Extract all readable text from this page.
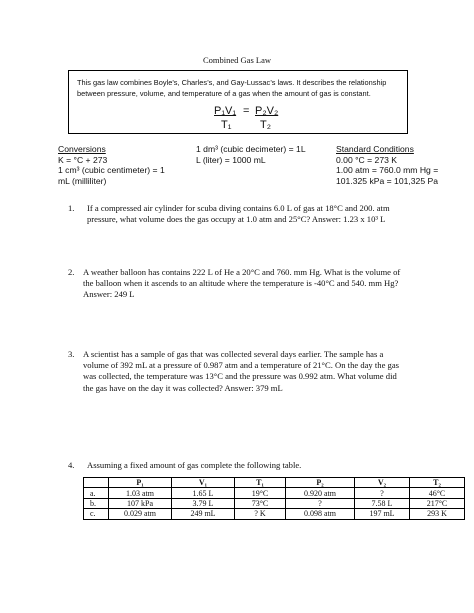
Combined Gas Law
This gas law combines Boyle’s, Charles’s, and Gay-Lussac’s laws. It describes the relationship between pressure, volume, and temperature of a gas when the amount of gas is constant.
P₁V₁ = P₂V₂
T₁	T₂
Conversions
K = °C + 273
1 cm³ (cubic centimeter) = 1
mL (milliliter)
1 dm³ (cubic decimeter) = 1L
L (liter) = 1000 mL
Standard Conditions
0.00 °C = 273 K
1.00 atm = 760.0 mm Hg =
101.325 kPa = 101,325 Pa
1. If a compressed air cylinder for scuba diving contains 6.0 L of gas at 18°C and 200. atm
pressure, what volume does the gas occupy at 1.0 atm and 25°C? Answer: 1.23 x 10³ L
2. A weather balloon has contains 222 L of He a 20°C and 760. mm Hg. What is the volume of
the balloon when it ascends to an altitude where the temperature is -40°C and 540. mm Hg?
Answer: 249 L
3. A scientist has a sample of gas that was collected several days earlier. The sample has a
volume of 392 mL at a pressure of 0.987 atm and a temperature of 21°C. On the day the gas
was collected, the temperature was 13°C and the pressure was 0.992 atm. What volume did
the gas have on the day it was collected? Answer: 379 mL
4. Assuming a fixed amount of gas complete the following table.
	P₁	V₁	T₁	P₂	V₂	T₂
a.	1.03 atm	1.65 L	19°C	0.920 atm	?	46°C
b.	107 kPa	3.79 L	73°C	?	7.58 L	217°C
c.	0.029 atm	249 mL	? K	0.098 atm	197 mL	293 K
